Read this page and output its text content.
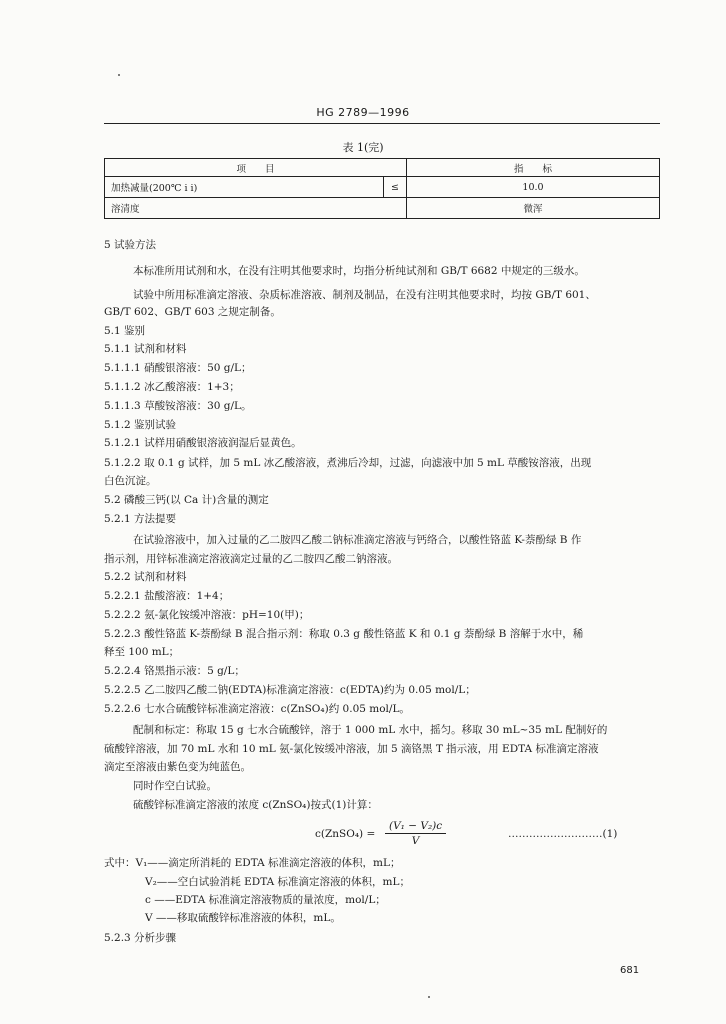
HG 2789—1996
表 1(完)
项　　目		指　　标
加热减量(200℃ ⅰ ⅰ)	≤	10.0
溶清度		微浑
5 试验方法
本标准所用试剂和水，在没有注明其他要求时，均指分析纯试剂和 GB/T 6682 中规定的三级水。
试验中所用标准滴定溶液、杂质标准溶液、制剂及制品，在没有注明其他要求时，均按 GB/T 601、
GB/T 602、GB/T 603 之规定制备。
5.1 鉴别
5.1.1 试剂和材料
5.1.1.1 硝酸银溶液：50 g/L；
5.1.1.2 冰乙酸溶液：1+3；
5.1.1.3 草酸铵溶液：30 g/L。
5.1.2 鉴别试验
5.1.2.1 试样用硝酸银溶液润湿后显黄色。
5.1.2.2 取 0.1 g 试样，加 5 mL 冰乙酸溶液，煮沸后冷却，过滤，向滤液中加 5 mL 草酸铵溶液，出现
白色沉淀。
5.2 磷酸三钙(以 Ca 计)含量的测定
5.2.1 方法提要
在试验溶液中，加入过量的乙二胺四乙酸二钠标准滴定溶液与钙络合，以酸性铬蓝 K-萘酚绿 B 作
指示剂，用锌标准滴定溶液滴定过量的乙二胺四乙酸二钠溶液。
5.2.2 试剂和材料
5.2.2.1 盐酸溶液：1+4；
5.2.2.2 氨-氯化铵缓冲溶液：pH=10(甲)；
5.2.2.3 酸性铬蓝 K-萘酚绿 B 混合指示剂：称取 0.3 g 酸性铬蓝 K 和 0.1 g 萘酚绿 B 溶解于水中，稀
释至 100 mL；
5.2.2.4 铬黑指示液：5 g/L；
5.2.2.5 乙二胺四乙酸二钠(EDTA)标准滴定溶液：c(EDTA)约为 0.05 mol/L；
5.2.2.6 七水合硫酸锌标准滴定溶液：c(ZnSO₄)约 0.05 mol/L。
配制和标定：称取 15 g 七水合硫酸锌，溶于 1 000 mL 水中，摇匀。移取 30 mL~35 mL 配制好的
硫酸锌溶液，加 70 mL 水和 10 mL 氨-氯化铵缓冲溶液，加 5 滴铬黑 T 指示液，用 EDTA 标准滴定溶液
滴定至溶液由紫色变为纯蓝色。
同时作空白试验。
硫酸锌标准滴定溶液的浓度 c(ZnSO₄)按式(1)计算：
c(ZnSO₄) = $\frac{\text{(V₁ − V₂)c}}{V}$	………………………(1)
式中：V₁——滴定所消耗的 EDTA 标准滴定溶液的体积，mL；
V₂——空白试验消耗 EDTA 标准滴定溶液的体积，mL；
c ——EDTA 标准滴定溶液物质的量浓度，mol/L；
V ——移取硫酸锌标准溶液的体积，mL。
5.2.3 分析步骤
681
